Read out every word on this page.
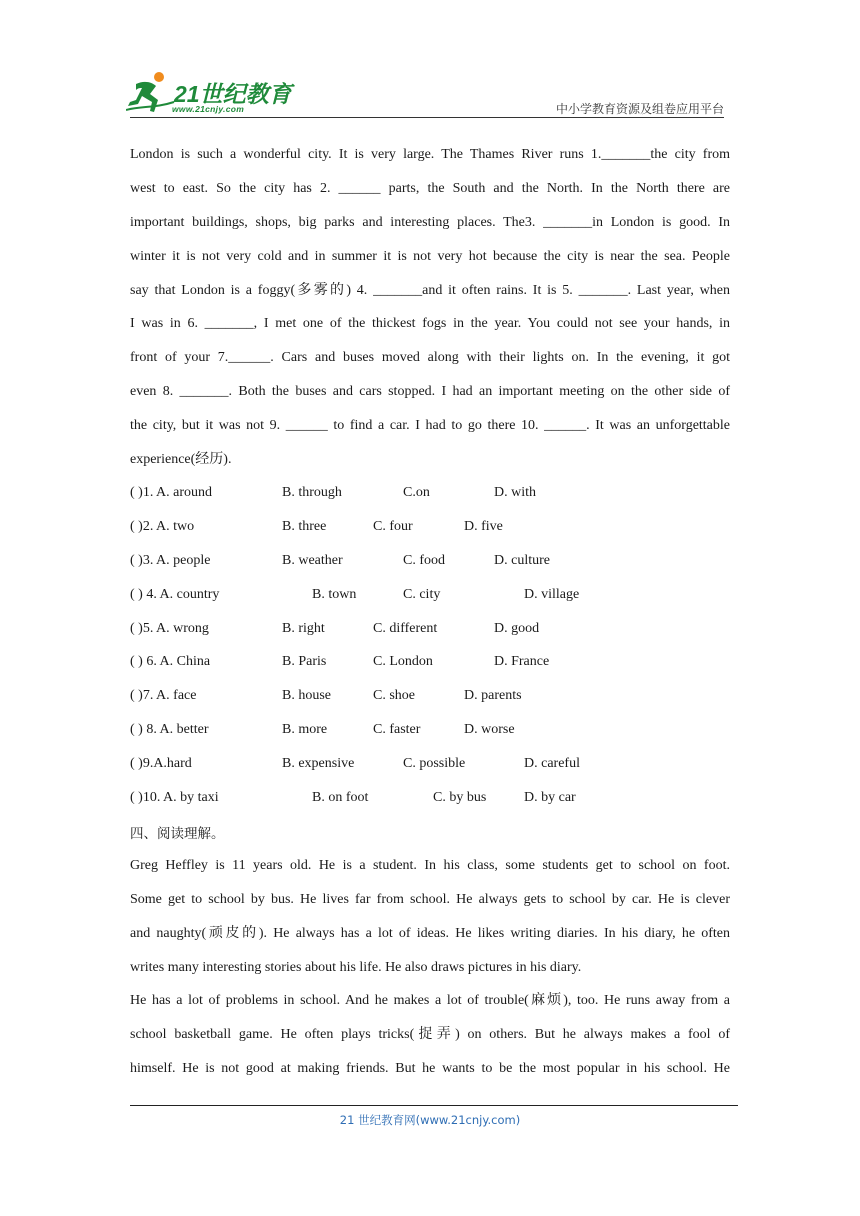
21世纪教育
www.21cnjy.com	中小学教育资源及组卷应用平台
London is such a wonderful city. It is very large. The Thames River runs 1._______the city from
west to east. So the city has 2. ______ parts, the South and the North. In the North there are
important buildings, shops, big parks and interesting places. The3. _______in London is good. In
winter it is not very cold and in summer it is not very hot because the city is near the sea. People
say that London is a foggy(多雾的) 4. _______and it often rains. It is 5. _______. Last year, when
I was in 6. _______, I met one of the thickest fogs in the year. You could not see your hands, in
front of your 7.______. Cars and buses moved along with their lights on. In the evening, it got
even 8. _______. Both the buses and cars stopped. I had an important meeting on the other side of
the city, but it was not 9. ______ to find a car. I had to go there 10. ______. It was an unforgettable
experience(经历).
( )1. A. around	B. through	C.on	D. with
( )2. A. two	B. three	C. four	D. five
( )3. A. people	B. weather	C. food	D. culture
( ) 4. A. country	B. town	C. city	D. village
( )5. A. wrong	B. right	C. different	D. good
( ) 6. A. China	B. Paris	C. London	D. France
( )7. A. face	B. house	C. shoe	D. parents
( ) 8. A. better	B. more	C. faster	D. worse
( )9.A.hard	B. expensive	C. possible	D. careful
( )10. A. by taxi	B. on foot	C. by bus	D. by car
四、阅读理解。
Greg Heffley is 11 years old. He is a student. In his class, some students get to school on foot.
Some get to school by bus. He lives far from school. He always gets to school by car. He is clever
and naughty(顽皮的). He always has a lot of ideas. He likes writing diaries. In his diary, he often
writes many interesting stories about his life. He also draws pictures in his diary.
He has a lot of problems in school. And he makes a lot of trouble(麻烦), too. He runs away from a
school basketball game. He often plays tricks(捉弄) on others. But he always makes a fool of
himself. He is not good at making friends. But he wants to be the most popular in his school. He
21 世纪教育网(www.21cnjy.com)
